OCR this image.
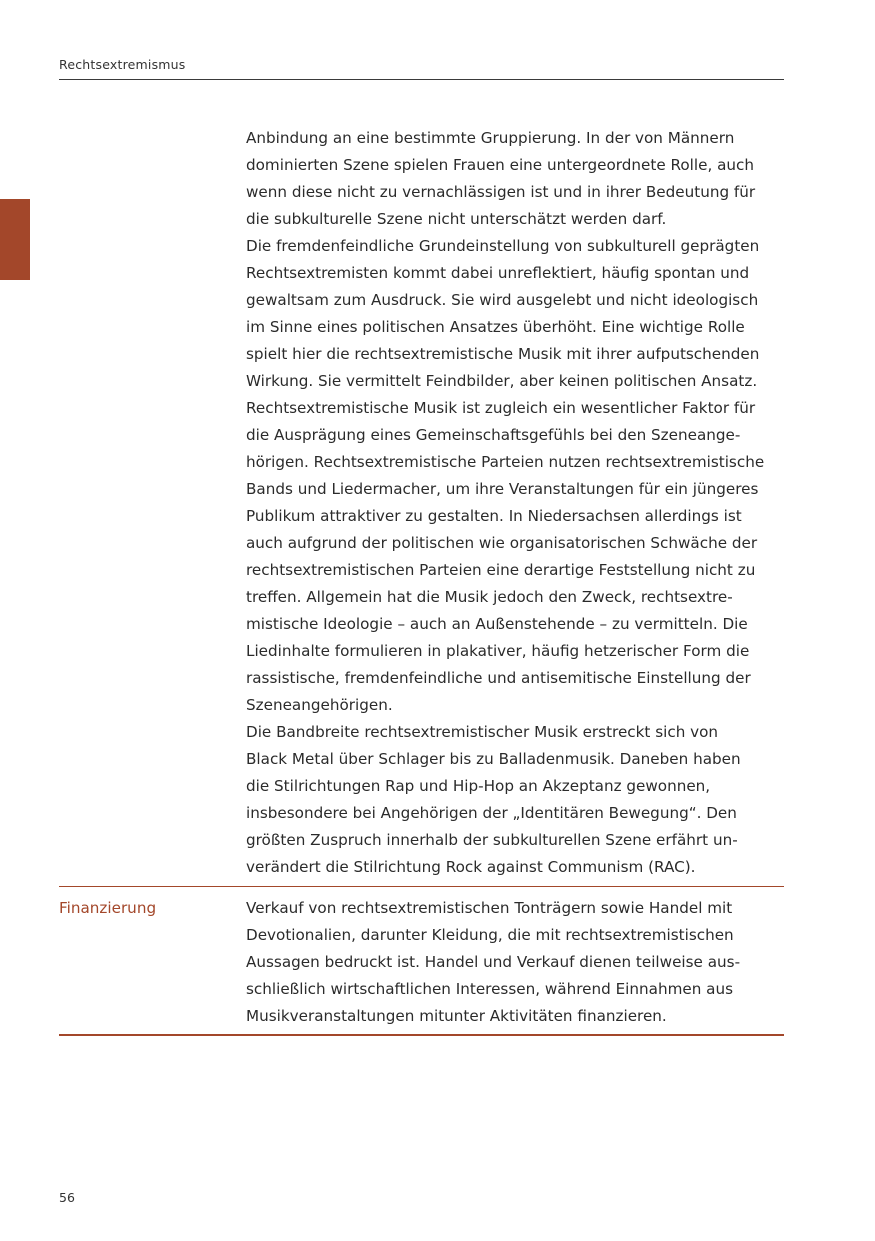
Rechtsextremismus

Anbindung an eine bestimmte Gruppierung. In der von Männern
dominierten Szene spielen Frauen eine untergeordnete Rolle, auch
wenn diese nicht zu vernachlässigen ist und in ihrer Bedeutung für
die subkulturelle Szene nicht unterschätzt werden darf.

Die fremdenfeindliche Grundeinstellung von subkulturell geprägten
Rechtsextremisten kommt dabei unreflektiert, häufig spontan und
gewaltsam zum Ausdruck. Sie wird ausgelebt und nicht ideologisch
im Sinne eines politischen Ansatzes überhöht. Eine wichtige Rolle
spielt hier die rechtsextremistische Musik mit ihrer aufputschenden
Wirkung. Sie vermittelt Feindbilder, aber keinen politischen Ansatz.
Rechtsextremistische Musik ist zugleich ein wesentlicher Faktor für
die Ausprägung eines Gemeinschaftsgefühls bei den Szeneange-
hörigen. Rechtsextremistische Parteien nutzen rechtsextremistische
Bands und Liedermacher, um ihre Veranstaltungen für ein jüngeres
Publikum attraktiver zu gestalten. In Niedersachsen allerdings ist
auch aufgrund der politischen wie organisatorischen Schwäche der
rechtsextremistischen Parteien eine derartige Feststellung nicht zu
treffen. Allgemein hat die Musik jedoch den Zweck, rechtsextre-
mistische Ideologie – auch an Außenstehende – zu vermitteln. Die
Liedinhalte formulieren in plakativer, häufig hetzerischer Form die
rassistische, fremdenfeindliche und antisemitische Einstellung der
Szeneangehörigen.

Die Bandbreite rechtsextremistischer Musik erstreckt sich von
Black Metal über Schlager bis zu Balladenmusik. Daneben haben
die Stilrichtungen Rap und Hip-Hop an Akzeptanz gewonnen,
insbesondere bei Angehörigen der „Identitären Bewegung“. Den
größten Zuspruch innerhalb der subkulturellen Szene erfährt un-
verändert die Stilrichtung Rock against Communism (RAC).

Finanzierung	Verkauf von rechtsextremistischen Tonträgern sowie Handel mit
Devotionalien, darunter Kleidung, die mit rechtsextremistischen
Aussagen bedruckt ist. Handel und Verkauf dienen teilweise aus-
schließlich wirtschaftlichen Interessen, während Einnahmen aus
Musikveranstaltungen mitunter Aktivitäten finanzieren.

56
